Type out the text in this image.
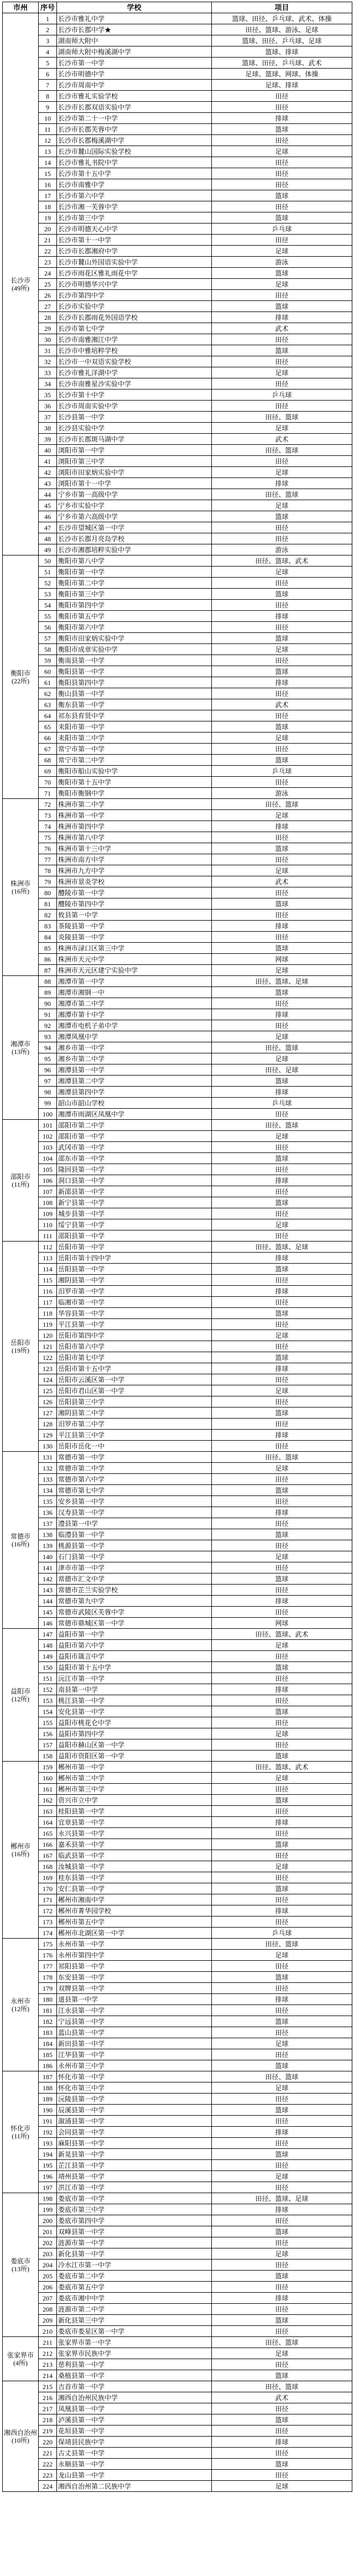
市州	序号	学校	项目
长沙市
(49所)	1	长沙市雅礼中学	篮球、田径、乒乓球、武术、体操
	2	长沙市长郡中学★	田径、篮球、游泳、足球
	3	湖南师大附中	篮球、田径、乒乓球、足球
	4	湖南师大附中梅溪湖中学	篮球、排球
	5	长沙市第一中学	篮球、田径、乒乓球、武术
	6	长沙市明德中学	足球、篮球、网球、体操
	7	长沙市周南中学	足球、排球
	8	长沙市雅礼实验学校	田径
	9	长沙市长郡双语实验中学	田径
	10	长沙市第二十一中学	排球
	11	长沙市长郡芙蓉中学	篮球
	12	长沙市长郡梅溪湖中学	田径
	13	长沙市麓山国际实验学校	足球
	14	长沙市雅礼书院中学	田径
	15	长沙市第十五中学	田径
	16	长沙市南雅中学	田径
	17	长沙市第六中学	篮球
	18	长沙市湘一芙蓉中学	田径
	19	长沙市第三中学	篮球
	20	长沙市明德天心中学	乒乓球
	21	长沙市第十一中学	田径
	22	长沙市长郡湘府中学	足球
	23	长沙市麓山外国语实验中学	游泳
	24	长沙市雨花区雅礼雨花中学	篮球
	25	长沙市明德华兴中学	足球
	26	长沙市第四中学	田径
	27	长沙市实验中学	篮球
	28	长沙市长郡雨花外国语学校	排球
	29	长沙市第七中学	武术
	30	长沙市南雅湘江中学	田径
	31	长沙市中雅培粹学校	篮球
	32	长沙市一中双语实验学校	田径
	33	长沙市雅礼洋湖中学	足球
	34	长沙市南雅星沙实验中学	田径
	35	长沙市第十中学	乒乓球
	36	长沙市周南实验中学	田径
	37	长沙县第一中学	田径、篮球
	38	长沙县实验中学	足球
	39	长沙市长郡斑马湖中学	武术
	40	浏阳市第一中学	田径、篮球
	41	浏阳市第三中学	田径
	42	浏阳市田家炳实验中学	足球
	43	浏阳市第十一中学	排球
	44	宁乡市第一高级中学	田径、篮球
	45	宁乡市实验中学	足球
	46	宁乡市第六高级中学	篮球
	47	长沙市望城区第一中学	田径
	48	长沙市长郡月亮岛学校	田径
	49	长沙市湘郡培粹实验中学	游泳
衡阳市
(22所)	50	衡阳市第八中学	田径、篮球、武术
	51	衡阳市第一中学	足球
	52	衡阳市第二中学	田径
	53	衡阳市第三中学	篮球
	54	衡阳市第四中学	田径
	55	衡阳市第五中学	排球
	56	衡阳市第六中学	田径
	57	衡阳市田家炳实验中学	篮球
	58	衡阳市成章实验中学	足球
	59	衡南县第一中学	田径
	60	衡阳县第一中学	篮球
	61	衡阳县第四中学	排球
	62	衡山县第一中学	田径
	63	衡东县第一中学	武术
	64	祁东县育贤中学	田径
	65	耒阳市第一中学	篮球
	66	耒阳市第二中学	足球
	67	常宁市第一中学	田径
	68	常宁市第二中学	篮球
	69	衡阳市船山实验中学	乒乓球
	70	衡阳市第十五中学	田径
	71	衡阳市衡钢中学	游泳
株洲市
(16所)	72	株洲市第二中学	田径、篮球
	73	株洲市第一中学	足球
	74	株洲市第四中学	排球
	75	株洲市第八中学	田径
	76	株洲市第十三中学	篮球
	77	株洲市南方中学	田径
	78	株洲市九方中学	足球
	79	株洲市景炎学校	武术
	80	醴陵市第一中学	田径
	81	醴陵市第四中学	篮球
	82	攸县第一中学	田径
	83	茶陵县第一中学	排球
	84	炎陵县第一中学	田径
	85	株洲市渌口区第三中学	篮球
	86	株洲市天元中学	网球
	87	株洲市天元区建宁实验中学	足球
湘潭市
(13所)	88	湘潭市第一中学	田径、篮球、足球
	89	湘潭市湘钢一中	篮球
	90	湘潭市第二中学	田径
	91	湘潭市第十中学	排球
	92	湘潭市电机子弟中学	田径
	93	湘潭凤凰中学	足球
	94	湘乡市第一中学	田径、篮球
	95	湘乡市第二中学	足球
	96	湘潭县第一中学	田径、足球
	97	湘潭县第二中学	篮球
	98	湘潭县第四中学	排球
	99	韶山市韶山学校	乒乓球
	100	湘潭市雨湖区凤凰中学	田径
邵阳市
(11所)	101	邵阳市第二中学	田径、篮球
	102	邵阳市第一中学	足球
	103	武冈市第一中学	田径
	104	邵东市第一中学	篮球
	105	隆回县第一中学	田径
	106	洞口县第一中学	排球
	107	新邵县第一中学	田径
	108	新宁县第一中学	篮球
	109	城步县第一中学	田径
	110	绥宁县第一中学	足球
	111	邵阳县第一中学	田径
岳阳市
(19所)	112	岳阳市第一中学	田径、篮球、足球
	113	岳阳市第十四中学	排球
	114	岳阳县第一中学	篮球
	115	湘阴县第一中学	田径
	116	汨罗市第一中学	排球
	117	临湘市第一中学	田径
	118	华容县第一中学	篮球
	119	平江县第一中学	田径
	120	岳阳市第四中学	足球
	121	岳阳市第六中学	田径
	122	岳阳市第七中学	篮球
	123	岳阳市第十五中学	排球
	124	岳阳市云溪区第一中学	田径
	125	岳阳市君山区第一中学	足球
	126	岳阳县第三中学	田径
	127	湘阴县第二中学	篮球
	128	汨罗市第二中学	田径
	129	平江县第三中学	排球
	130	岳阳市岳化一中	田径
常德市
(16所)	131	常德市第一中学	田径、篮球
	132	常德市第二中学	足球
	133	常德市第六中学	田径
	134	常德市第七中学	篮球
	135	安乡县第一中学	田径
	136	汉寿县第一中学	排球
	137	澧县第一中学	田径
	138	临澧县第一中学	篮球
	139	桃源县第一中学	田径
	140	石门县第一中学	足球
	141	津市市第一中学	田径
	142	常德市汇文中学	篮球
	143	常德市芷兰实验学校	田径
	144	常德市第九中学	排球
	145	常德市武陵区芙蓉中学	田径
	146	常德市鼎城区第一中学	网球
益阳市
(12所)	147	益阳市第一中学	田径、篮球、武术
	148	益阳市第六中学	足球
	149	益阳市箴言中学	田径
	150	益阳市第十五中学	篮球
	151	沅江市第一中学	田径
	152	南县第一中学	排球
	153	桃江县第一中学	田径
	154	安化县第一中学	篮球
	155	益阳市桃花仑中学	田径
	156	益阳市第四中学	足球
	157	益阳市赫山区第一中学	田径
	158	益阳市资阳区第一中学	篮球
郴州市
(16所)	159	郴州市第一中学	田径、篮球、武术
	160	郴州市第二中学	足球
	161	郴州市第三中学	田径
	162	资兴市立中学	篮球
	163	桂阳县第一中学	田径
	164	宜章县第一中学	排球
	165	永兴县第一中学	田径
	166	嘉禾县第一中学	篮球
	167	临武县第一中学	田径
	168	汝城县第一中学	足球
	169	桂东县第一中学	田径
	170	安仁县第一中学	篮球
	171	郴州市湘南中学	田径
	172	郴州市菁华园学校	排球
	173	郴州市第五中学	田径
	174	郴州市北湖区第一中学	乒乓球
永州市
(12所)	175	永州市第一中学	田径、篮球
	176	永州市第四中学	足球
	177	祁阳县第一中学	田径
	178	东安县第一中学	篮球
	179	双牌县第一中学	田径
	180	道县第一中学	排球
	181	江永县第一中学	田径
	182	宁远县第一中学	篮球
	183	蓝山县第一中学	田径
	184	新田县第一中学	足球
	185	江华县第一中学	田径
	186	永州市第三中学	篮球
怀化市
(11所)	187	怀化市第一中学	田径、篮球
	188	怀化市第三中学	足球
	189	沅陵县第一中学	田径
	190	辰溪县第一中学	篮球
	191	溆浦县第一中学	田径
	192	会同县第一中学	排球
	193	麻阳县第一中学	田径
	194	新晃县第一中学	篮球
	195	芷江县第一中学	田径
	196	靖州县第一中学	足球
	197	洪江市第一中学	田径
娄底市
(13所)	198	娄底市第一中学	田径、篮球、足球
	199	娄底市第三中学	排球
	200	娄底市第四中学	田径
	201	双峰县第一中学	篮球
	202	涟源市第一中学	田径
	203	新化县第一中学	足球
	204	冷水江市第一中学	田径
	205	娄底市第二中学	篮球
	206	娄底市第五中学	田径
	207	娄底市湘中中学	排球
	208	涟源市第二中学	田径
	209	新化县第三中学	篮球
	210	娄底市娄星区第一中学	田径
张家界市
(4所)	211	张家界市第一中学	田径、篮球
	212	张家界市民族中学	足球
	213	慈利县第一中学	田径
	214	桑植县第一中学	篮球
湘西自治州
(10所)	215	吉首市第一中学	田径、篮球
	216	湘西自治州民族中学	武术
	217	凤凰县第一中学	田径
	218	泸溪县第一中学	篮球
	219	花垣县第一中学	田径
	220	保靖县民族中学	排球
	221	古丈县第一中学	田径
	222	永顺县第一中学	篮球
	223	龙山县第一中学	田径
	224	湘西自治州第二民族中学	足球
